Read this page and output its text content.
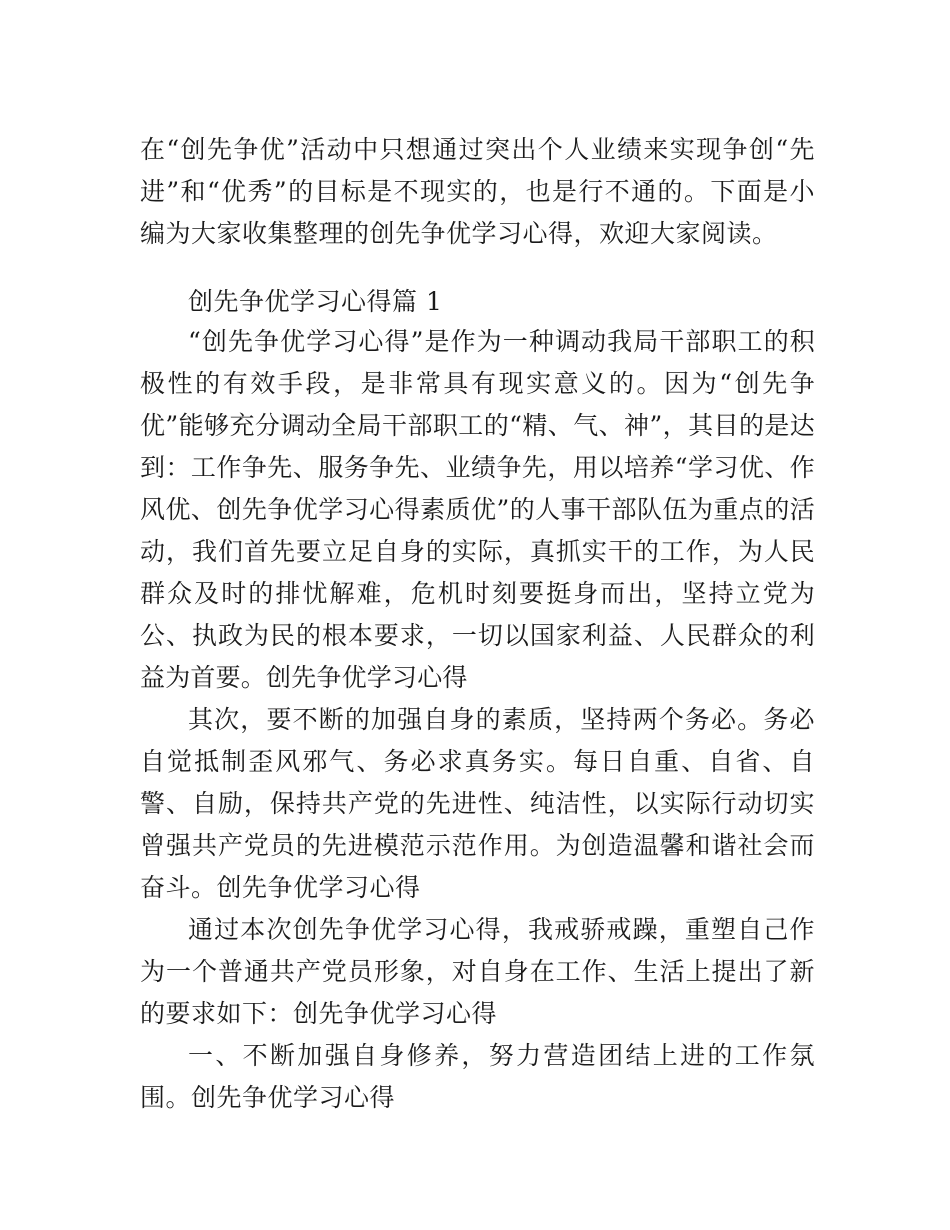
在“创先争优”活动中只想通过突出个人业绩来实现争创“先进”和“优秀”的目标是不现实的，也是行不通的。下面是小编为大家收集整理的创先争优学习心得，欢迎大家阅读。

创先争优学习心得篇 1

“创先争优学习心得”是作为一种调动我局干部职工的积极性的有效手段，是非常具有现实意义的。因为“创先争优”能够充分调动全局干部职工的“精、气、神”，其目的是达到：工作争先、服务争先、业绩争先，用以培养“学习优、作风优、创先争优学习心得素质优”的人事干部队伍为重点的活动，我们首先要立足自身的实际，真抓实干的工作，为人民群众及时的排忧解难，危机时刻要挺身而出，坚持立党为公、执政为民的根本要求，一切以国家利益、人民群众的利益为首要。创先争优学习心得

其次，要不断的加强自身的素质，坚持两个务必。务必自觉抵制歪风邪气、务必求真务实。每日自重、自省、自警、自励，保持共产党的先进性、纯洁性，以实际行动切实曾强共产党员的先进模范示范作用。为创造温馨和谐社会而奋斗。创先争优学习心得

通过本次创先争优学习心得，我戒骄戒躁，重塑自己作为一个普通共产党员形象，对自身在工作、生活上提出了新的要求如下：创先争优学习心得

一、不断加强自身修养，努力营造团结上进的工作氛围。创先争优学习心得
